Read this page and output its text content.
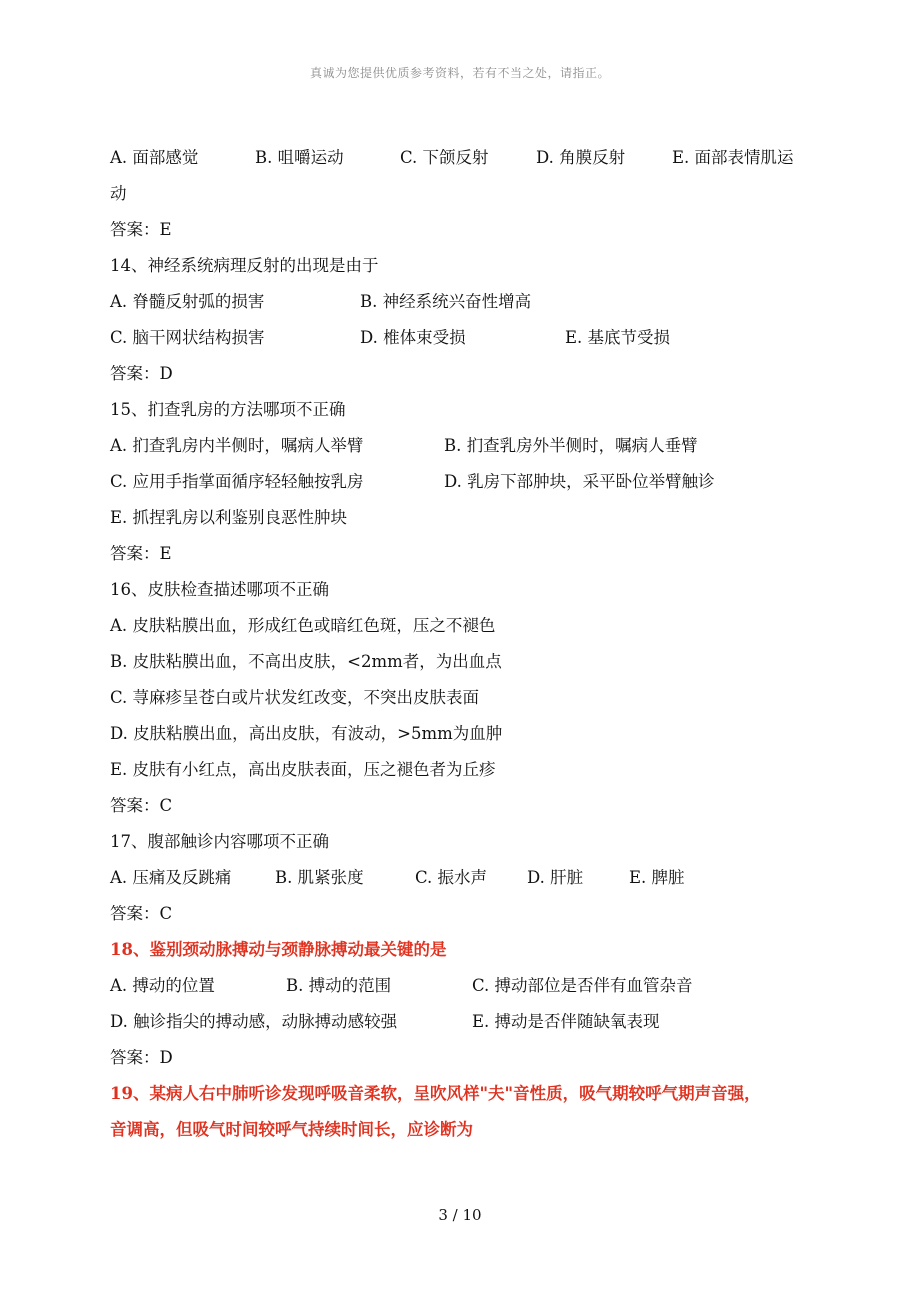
真诚为您提供优质参考资料，若有不当之处，请指正。
A. 面部感觉	B. 咀嚼运动	C. 下颌反射	D. 角膜反射	E. 面部表情肌运
动
答案：E
14、神经系统病理反射的出现是由于
A. 脊髓反射弧的损害	B. 神经系统兴奋性增高
C. 脑干网状结构损害	D. 椎体束受损	E. 基底节受损
答案：D
15、扪查乳房的方法哪项不正确
A. 扪查乳房内半侧时，嘱病人举臂	B. 扪查乳房外半侧时，嘱病人垂臂
C. 应用手指掌面循序轻轻触按乳房	D. 乳房下部肿块，采平卧位举臂触诊
E. 抓捏乳房以利鉴别良恶性肿块
答案：E
16、皮肤检查描述哪项不正确
A. 皮肤粘膜出血，形成红色或暗红色斑，压之不褪色
B. 皮肤粘膜出血，不高出皮肤，<2mm者，为出血点
C. 荨麻疹呈苍白或片状发红改变，不突出皮肤表面
D. 皮肤粘膜出血，高出皮肤，有波动，>5mm为血肿
E. 皮肤有小红点，高出皮肤表面，压之褪色者为丘疹
答案：C
17、腹部触诊内容哪项不正确
A. 压痛及反跳痛	B. 肌紧张度	C. 振水声 D. 肝脏	E. 脾脏
答案：C
18、鉴别颈动脉搏动与颈静脉搏动最关键的是
A. 搏动的位置	B. 搏动的范围	C. 搏动部位是否伴有血管杂音
D. 触诊指尖的搏动感，动脉搏动感较强	E. 搏动是否伴随缺氧表现
答案：D
19、某病人右中肺听诊发现呼吸音柔软，呈吹风样"夫"音性质，吸气期较呼气期声音强，
音调高，但吸气时间较呼气持续时间长，应诊断为
3 / 10
